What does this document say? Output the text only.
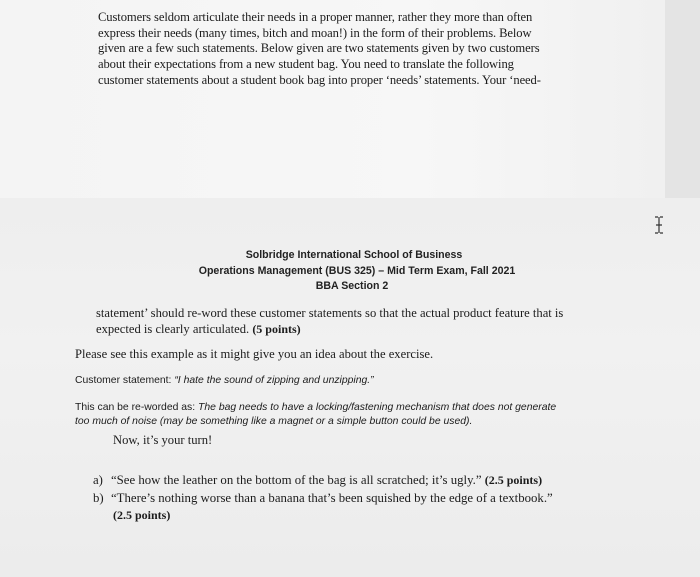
Customers seldom articulate their needs in a proper manner, rather they more than often
express their needs (many times, bitch and moan!) in the form of their problems. Below
given are a few such statements. Below given are two statements given by two customers
about their expectations from a new student bag. You need to translate the following
customer statements about a student book bag into proper ‘needs’ statements. Your ‘need-
Solbridge International School of Business
Operations Management (BUS 325) – Mid Term Exam, Fall 2021
BBA Section 2
statement’ should re-word these customer statements so that the actual product feature that is
expected is clearly articulated. (5 points)
Please see this example as it might give you an idea about the exercise.
Customer statement: “I hate the sound of zipping and unzipping.”
This can be re-worded as: The bag needs to have a locking/fastening mechanism that does not generate
too much of noise (may be something like a magnet or a simple button could be used).
Now, it’s your turn!
a) “See how the leather on the bottom of the bag is all scratched; it’s ugly.” (2.5 points)
b) “There’s nothing worse than a banana that’s been squished by the edge of a textbook.”
(2.5 points)
